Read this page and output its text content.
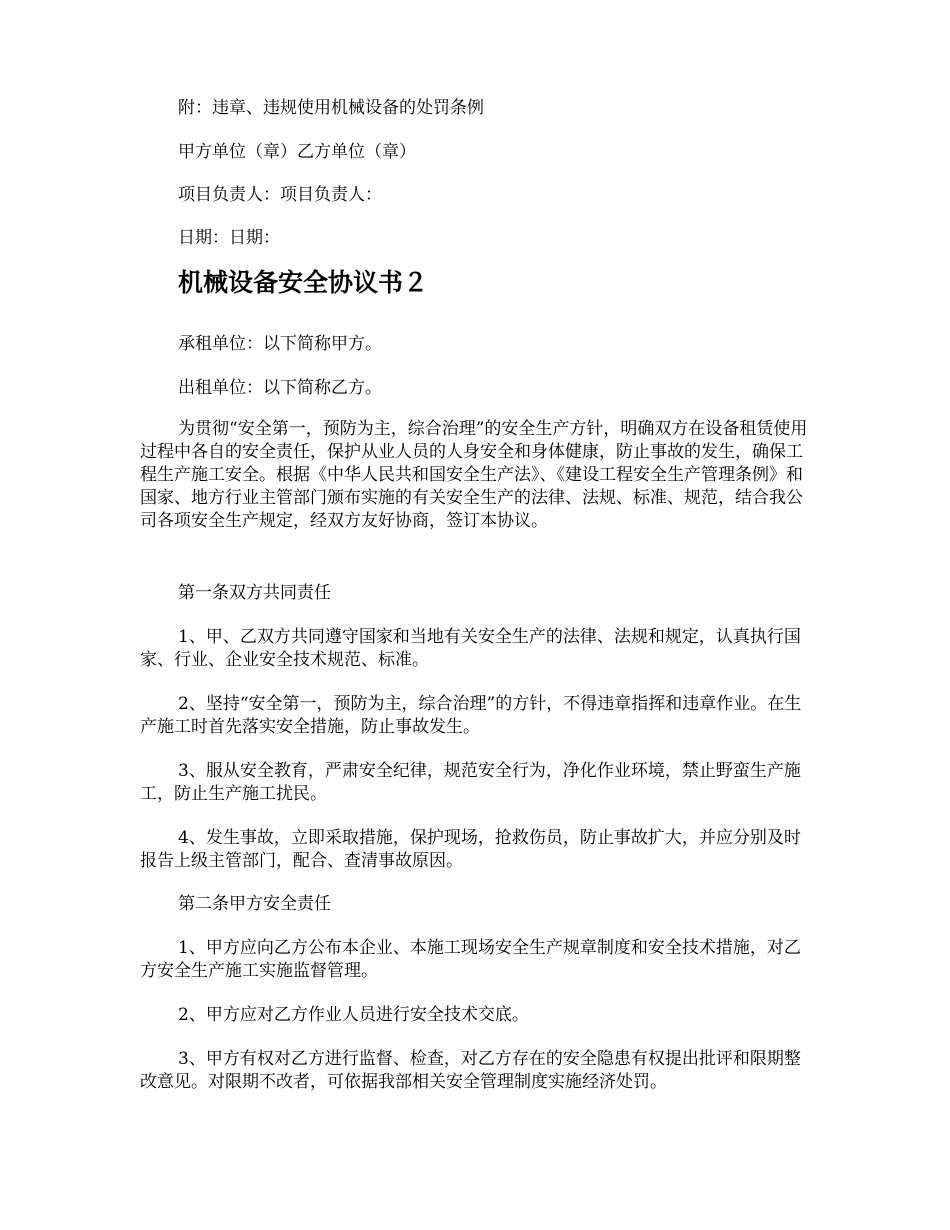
附：违章、违规使用机械设备的处罚条例

甲方单位（章）乙方单位（章）

项目负责人：项目负责人：

日期：日期：

机械设备安全协议书２

承租单位：以下简称甲方。

出租单位：以下简称乙方。

为贯彻“安全第一，预防为主，综合治理”的安全生产方针，明确双方在设备租赁使用过程中各自的安全责任，保护从业人员的人身安全和身体健康，防止事故的发生，确保工程生产施工安全。根据《中华人民共和国安全生产法》、《建设工程安全生产管理条例》和国家、地方行业主管部门颁布实施的有关安全生产的法律、法规、标准、规范，结合我公司各项安全生产规定，经双方友好协商，签订本协议。

第一条双方共同责任

1、甲、乙双方共同遵守国家和当地有关安全生产的法律、法规和规定，认真执行国家、行业、企业安全技术规范、标准。

2、坚持“安全第一，预防为主，综合治理”的方针，不得违章指挥和违章作业。在生产施工时首先落实安全措施，防止事故发生。

3、服从安全教育，严肃安全纪律，规范安全行为，净化作业环境，禁止野蛮生产施工，防止生产施工扰民。

4、发生事故，立即采取措施，保护现场，抢救伤员，防止事故扩大，并应分别及时报告上级主管部门，配合、查清事故原因。

第二条甲方安全责任

1、甲方应向乙方公布本企业、本施工现场安全生产规章制度和安全技术措施，对乙方安全生产施工实施监督管理。

2、甲方应对乙方作业人员进行安全技术交底。

3、甲方有权对乙方进行监督、检查，对乙方存在的安全隐患有权提出批评和限期整改意见。对限期不改者，可依据我部相关安全管理制度实施经济处罚。
